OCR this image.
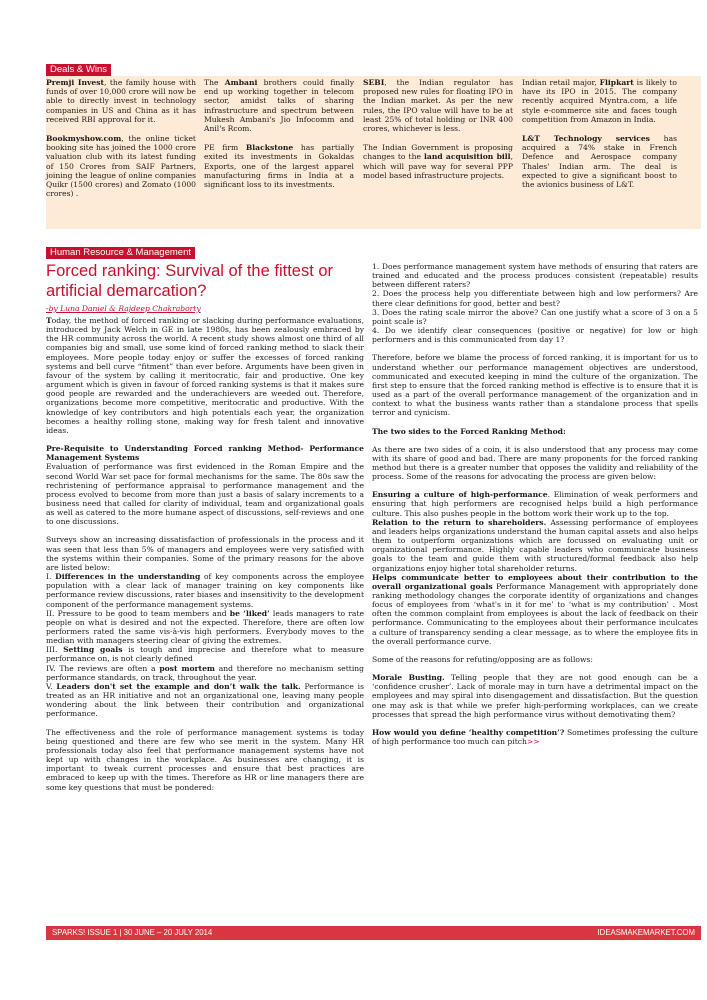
Deals & Wins

Premji Invest, the family house with funds of over 10,000 crore will now be able to directly invest in technology companies in US and China as it has received RBI approval for it.

Bookmyshow.com, the online ticket booking site has joined the 1000 crore valuation club with its latest funding of 150 Crores from SAIF Partners, joining the league of online companies Quikr (1500 crores) and Zomato (1000 crores) .

The Ambani brothers could finally end up working together in telecom sector, amidst talks of sharing infrastructure and spectrum between Mukesh Ambani's Jio Infocomm and Anil's Rcom.

PE firm Blackstone has partially exited its investments in Gokaldas Exports, one of the largest apparel manufacturing firms in India at a significant loss to its investments.

SEBI, the Indian regulator has proposed new rules for floating IPO in the Indian market. As per the new rules, the IPO value will have to be at least 25% of total holding or INR 400 crores, whichever is less.

The Indian Government is proposing changes to the land acquisition bill, which will pave way for several PPP model based infrastructure projects.

Indian retail major, Flipkart is likely to have its IPO in 2015. The company recently acquired Myntra.com, a life style e-commerce site and faces tough competition from Amazon in India.

L&T Technology services has acquired a 74% stake in French Defence and Aerospace company Thales' Indian arm. The deal is expected to give a significant boost to the avionics business of L&T.

Human Resource & Management
Forced ranking: Survival of the fittest or artificial demarcation?
-by Luna Daniel & Rajdeep Chakraborty

Today, the method of forced ranking or slacking during performance evaluations, introduced by Jack Welch in GE in late 1980s, has been zealously embraced by the HR community across the world. A recent study shows almost one third of all companies big and small, use some kind of forced ranking method to slack their employees. More people today enjoy or suffer the excesses of forced ranking systems and bell curve “fitment” than ever before. Arguments have been given in favour of the system by calling it meritocratic, fair and productive. One key argument which is given in favour of forced ranking systems is that it makes sure good people are rewarded and the underachievers are weeded out. Therefore, organizations become more competitive, meritocratic and productive. With the knowledge of key contributors and high potentials each year, the organization becomes a healthy rolling stone, making way for fresh talent and innovative ideas.

Pre-Requisite to Understanding Forced ranking Method- Performance Management Systems

Evaluation of performance was first evidenced in the Roman Empire and the second World War set pace for formal mechanisms for the same. The 80s saw the rechristening of performance appraisal to performance management and the process evolved to become from more than just a basis of salary increments to a business need that called for clarity of individual, team and organizational goals as well as catered to the more humane aspect of discussions, self-reviews and one to one discussions.

Surveys show an increasing dissatisfaction of professionals in the process and it was seen that less than 5% of managers and employees were very satisfied with the systems within their companies. Some of the primary reasons for the above are listed below:

I. Differences in the understanding of key components across the employee population with a clear lack of manager training on key components like performance review discussions, rater biases and insensitivity to the development component of the performance management systems.

II. Pressure to be good to team members and be ‘liked’ leads managers to rate people on what is desired and not the expected. Therefore, there are often low performers rated the same vis-à-vis high performers. Everybody moves to the median with managers steering clear of giving the extremes.

III. Setting goals is tough and imprecise and therefore what to measure performance on, is not clearly defined

IV. The reviews are often a post mortem and therefore no mechanism setting performance standards, on track, throughout the year.

V. Leaders don't set the example and don’t walk the talk. Performance is treated as an HR initiative and not an organizational one, leaving many people wondering about the link between their contribution and organizational performance.

The effectiveness and the role of performance management systems is today being questioned and there are few who see merit in the system. Many HR professionals today also feel that performance management systems have not kept up with changes in the workplace. As businesses are changing, it is important to tweak current processes and ensure that best practices are embraced to keep up with the times. Therefore as HR or line managers there are some key questions that must be pondered:

1. Does performance management system have methods of ensuring that raters are trained and educated and the process produces consistent (repeatable) results between different raters?

2. Does the process help you differentiate between high and low performers? Are there clear definitions for good, better and best?

3. Does the rating scale mirror the above? Can one justify what a score of 3 on a 5 point scale is?

4. Do we identify clear consequences (positive or negative) for low or high performers and is this communicated from day 1?

Therefore, before we blame the process of forced ranking, it is important for us to understand whether our performance management objectives are understood, communicated and executed keeping in mind the culture of the organization. The first step to ensure that the forced ranking method is effective is to ensure that it is used as a part of the overall performance management of the organization and in context to what the business wants rather than a standalone process that spells terror and cynicism.

The two sides to the Forced Ranking Method:

As there are two sides of a coin, it is also understood that any process may come with its share of good and bad. There are many proponents for the forced ranking method but there is a greater number that opposes the validity and reliability of the process. Some of the reasons for advocating the process are given below:

Ensuring a culture of high-performance. Elimination of weak performers and ensuring that high performers are recognised helps build a high performance culture. This also pushes people in the bottom work their work up to the top.

Relation to the return to shareholders. Assessing performance of employees and leaders helps organizations understand the human capital assets and also helps them to outperform organizations which are focussed on evaluating unit or organizational performance. Highly capable leaders who communicate business goals to the team and guide them with structured/formal feedback also help organizations enjoy higher total shareholder returns.

Helps communicate better to employees about their contribution to the overall organizational goals Performance Management with appropriately done ranking methodology changes the corporate identity of organizations and changes focus of employees from ‘what's in it for me’ to ‘what is my contribution’ . Most often the common complaint from employees is about the lack of feedback on their performance. Communicating to the employees about their performance inculcates a culture of transparency sending a clear message, as to where the employee fits in the overall performance curve.

Some of the reasons for refuting/opposing are as follows:

Morale Busting. Telling people that they are not good enough can be a ‘confidence crusher’. Lack of morale may in turn have a detrimental impact on the employees and may spiral into disengagement and dissatisfaction. But the question one may ask is that while we prefer high-performing workplaces, can we create processes that spread the high performance virus without demotivating them?

How would you define ‘healthy competition’? Sometimes professing the culture of high performance too much can pitch>>

SPARKS! ISSUE 1 | 30 JUNE – 20 JULY 2014	IDEASMAKEMARKET.COM
